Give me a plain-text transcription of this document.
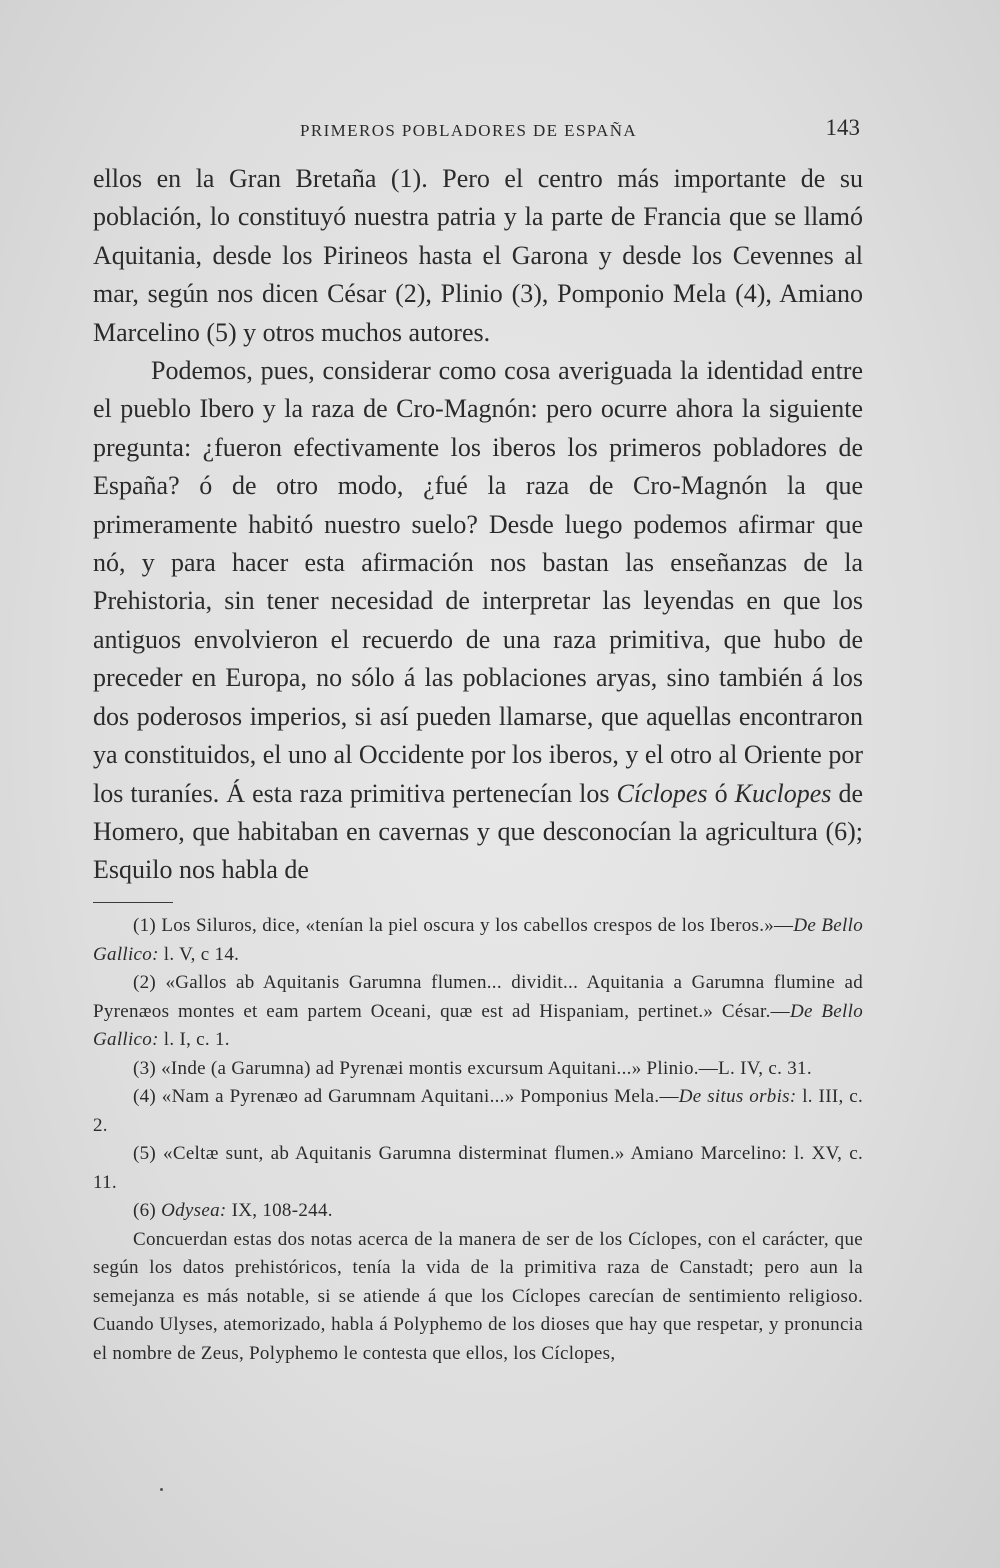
PRIMEROS POBLADORES DE ESPAÑA	143

ellos en la Gran Bretaña (1). Pero el centro más importante de su población, lo constituyó nuestra patria y la parte de Francia que se llamó Aquitania, desde los Pirineos hasta el Garona y desde los Cevennes al mar, según nos dicen César (2), Plinio (3), Pomponio Mela (4), Amiano Marcelino (5) y otros muchos autores.

Podemos, pues, considerar como cosa averiguada la identidad entre el pueblo Ibero y la raza de Cro-Magnón: pero ocurre ahora la siguiente pregunta: ¿fueron efectivamente los iberos los primeros pobladores de España? ó de otro modo, ¿fué la raza de Cro-Magnón la que primeramente habitó nuestro suelo? Desde luego podemos afirmar que nó, y para hacer esta afirmación nos bastan las enseñanzas de la Prehistoria, sin tener necesidad de interpretar las leyendas en que los antiguos envolvieron el recuerdo de una raza primitiva, que hubo de preceder en Europa, no sólo á las poblaciones aryas, sino también á los dos poderosos imperios, si así pueden llamarse, que aquellas encontraron ya constituidos, el uno al Occidente por los iberos, y el otro al Oriente por los turaníes. Á esta raza primitiva pertenecían los Cíclopes ó Kuclopes de Homero, que habitaban en cavernas y que desconocían la agricultura (6); Esquilo nos habla de

(1) Los Siluros, dice, «tenían la piel oscura y los cabellos crespos de los Iberos.»—De Bello Gallico: l. V, c 14.

(2) «Gallos ab Aquitanis Garumna flumen... dividit... Aquitania a Garumna flumine ad Pyrenæos montes et eam partem Oceani, quæ est ad Hispaniam, pertinet.» César.—De Bello Gallico: l. I, c. 1.

(3) «Inde (a Garumna) ad Pyrenæi montis excursum Aquitani...» Plinio.—L. IV, c. 31.

(4) «Nam a Pyrenæo ad Garumnam Aquitani...» Pomponius Mela.—De situs orbis: l. III, c. 2.

(5) «Celtæ sunt, ab Aquitanis Garumna disterminat flumen.» Amiano Marcelino: l. XV, c. 11.

(6) Odysea: IX, 108-244.

Concuerdan estas dos notas acerca de la manera de ser de los Cíclopes, con el carácter, que según los datos prehistóricos, tenía la vida de la primitiva raza de Canstadt; pero aun la semejanza es más notable, si se atiende á que los Cíclopes carecían de sentimiento religioso. Cuando Ulyses, atemorizado, habla á Polyphemo de los dioses que hay que respetar, y pronuncia el nombre de Zeus, Polyphemo le contesta que ellos, los Cíclopes,
